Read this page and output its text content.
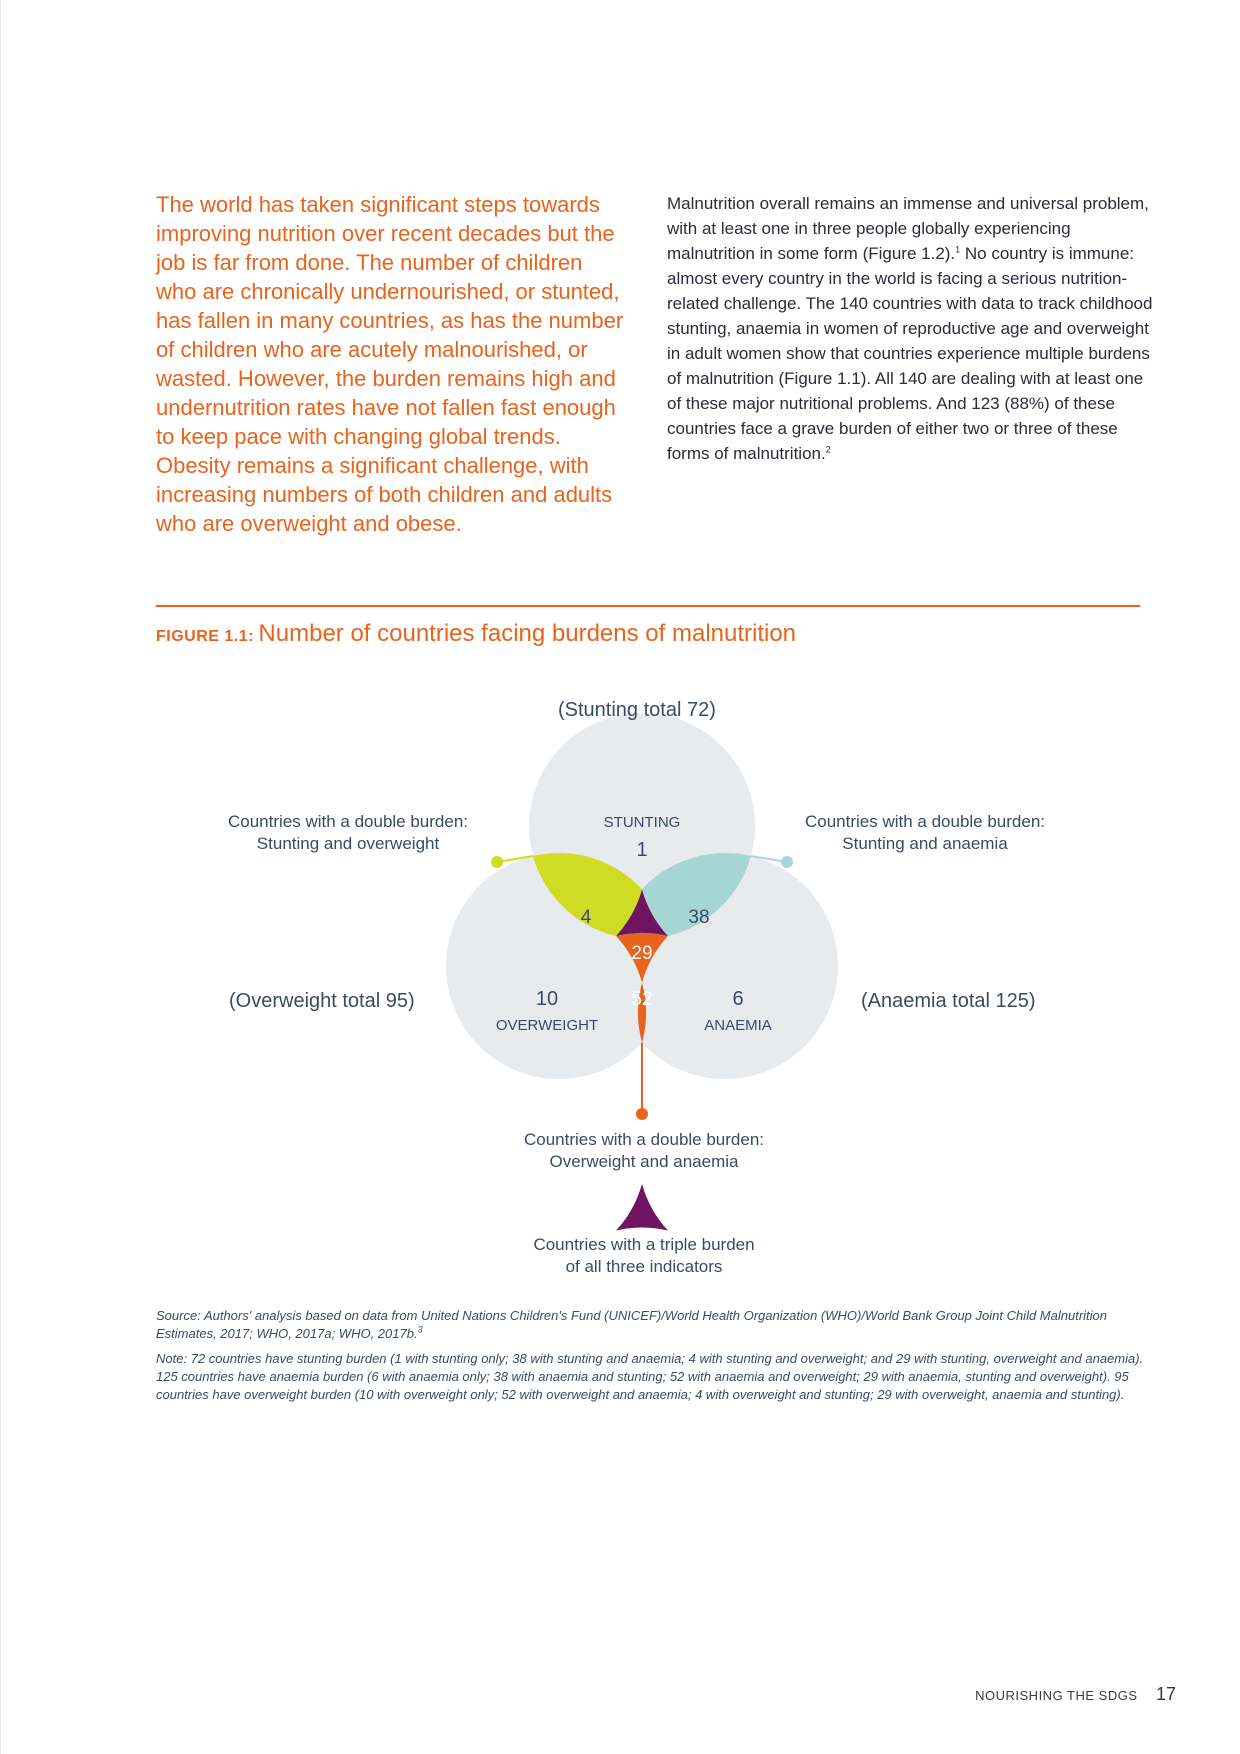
The world has taken significant steps towards improving nutrition over recent decades but the job is far from done. The number of children who are chronically undernourished, or stunted, has fallen in many countries, as has the number of children who are acutely malnourished, or wasted. However, the burden remains high and undernutrition rates have not fallen fast enough to keep pace with changing global trends. Obesity remains a significant challenge, with increasing numbers of both children and adults who are overweight and obese.

Malnutrition overall remains an immense and universal problem, with at least one in three people globally experiencing malnutrition in some form (Figure 1.2).$^1$ No country is immune: almost every country in the world is facing a serious nutrition-related challenge. The 140 countries with data to track childhood stunting, anaemia in women of reproductive age and overweight in adult women show that countries experience multiple burdens of malnutrition (Figure 1.1). All 140 are dealing with at least one of these major nutritional problems. And 123 (88%) of these countries face a grave burden of either two or three of these forms of malnutrition.$^2$

FIGURE 1.1: Number of countries facing burdens of malnutrition
STUNTING
1
10
OVERWEIGHT
6
ANAEMIA
4	38
52
29
(Stunting total 72)
(Overweight total 95)	(Anaemia total 125)
Countries with a double burden:
Stunting and overweight
Countries with a double burden:
Stunting and anaemia
Countries with a double burden:
Overweight and anaemia
Countries with a triple burden
of all three indicators

Source: Authors' analysis based on data from United Nations Children's Fund (UNICEF)/World Health Organization (WHO)/World Bank Group Joint Child Malnutrition Estimates, 2017; WHO, 2017a; WHO, 2017b.$^3$

Note: 72 countries have stunting burden (1 with stunting only; 38 with stunting and anaemia; 4 with stunting and overweight; and 29 with stunting, overweight and anaemia). 125 countries have anaemia burden (6 with anaemia only; 38 with anaemia and stunting; 52 with anaemia and overweight; 29 with anaemia, stunting and overweight). 95 countries have overweight burden (10 with overweight only; 52 with overweight and anaemia; 4 with overweight and stunting; 29 with overweight, anaemia and stunting).

NOURISHING THE SDGS 17
